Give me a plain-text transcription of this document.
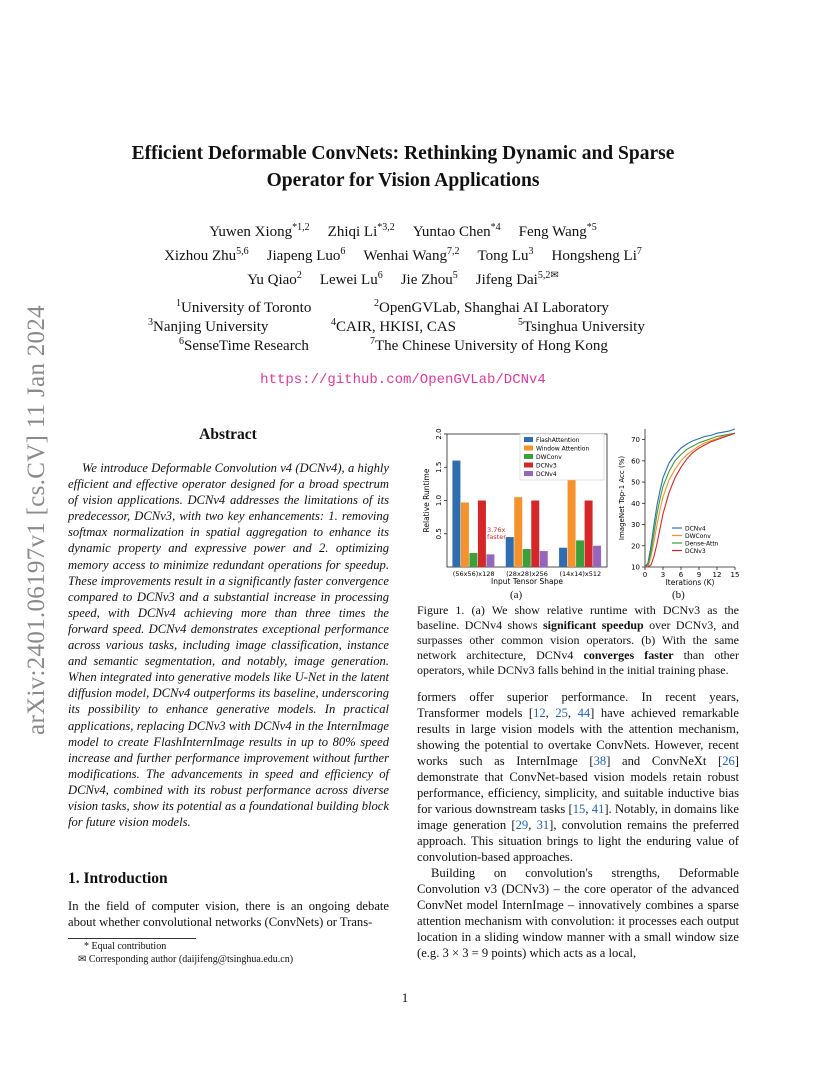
arXiv:2401.06197v1 [cs.CV] 11 Jan 2024
Efficient Deformable ConvNets: Rethinking Dynamic and Sparse
Operator for Vision Applications
Yuwen Xiong$^{*1,2}$ Zhiqi Li$^{*3,2}$ Yuntao Chen$^{*4}$ Feng Wang$^{*5}$
Xizhou Zhu$^{5,6}$ Jiapeng Luo$^6$ Wenhai Wang$^{7,2}$ Tong Lu$^3$ Hongsheng Li$^7$
Yu Qiao$^2$ Lewei Lu$^6$ Jie Zhou$^5$ Jifeng Dai$^{5,2✉}$
$^1$University of Toronto	$^2$OpenGVLab, Shanghai AI Laboratory
$^3$Nanjing University	$^4$CAIR, HKISI, CAS	$^5$Tsinghua University
$^6$SenseTime Research	$^7$The Chinese University of Hong Kong
https://github.com/OpenGVLab/DCNv4
Abstract
We introduce Deformable Convolution v4 (DCNv4), a highly efficient and effective operator designed for a broad spectrum of vision applications. DCNv4 addresses the limitations of its predecessor, DCNv3, with two key enhancements: 1. removing softmax normalization in spatial aggregation to enhance its dynamic property and expressive power and 2. optimizing memory access to minimize redundant operations for speedup. These improvements result in a significantly faster convergence compared to DCNv3 and a substantial increase in processing speed, with DCNv4 achieving more than three times the forward speed. DCNv4 demonstrates exceptional performance across various tasks, including image classification, instance and semantic segmentation, and notably, image generation. When integrated into generative models like U-Net in the latent diffusion model, DCNv4 outperforms its baseline, underscoring its possibility to enhance generative models. In practical applications, replacing DCNv3 with DCNv4 in the InternImage model to create FlashInternImage results in up to 80% speed increase and further performance improvement without further modifications. The advancements in speed and efficiency of DCNv4, combined with its robust performance across diverse vision tasks, show its potential as a foundational building block for future vision models.
1. Introduction
In the field of computer vision, there is an ongoing debate about whether convolutional networks (ConvNets) or Trans-
* Equal contribution
✉ Corresponding author (daijifeng@tsinghua.edu.cn)
0.5
1.0
1.5
2.0
Relative Runtime
(56x56)x128 (28x28)x256 (14x14)x512
Input Tensor Shape
3.76x
faster
FlashAttention
Window Attention
DWConv
DCNv3
DCNv4
10
20
30
40
50
60
70
0 3 6 9 12 15
Iterations (K)
ImageNet Top-1 Acc (%)	DCNv4
DWConv
Dense-Attn
DCNv3
(a)	(b)
Figure 1. (a) We show relative runtime with DCNv3 as the baseline. DCNv4 shows significant speedup over DCNv3, and surpasses other common vision operators. (b) With the same network architecture, DCNv4 converges faster than other operators, while DCNv3 falls behind in the initial training phase.

formers offer superior performance. In recent years, Transformer models [12, 25, 44] have achieved remarkable results in large vision models with the attention mechanism, showing the potential to overtake ConvNets. However, recent works such as InternImage [38] and ConvNeXt [26] demonstrate that ConvNet-based vision models retain robust performance, efficiency, simplicity, and suitable inductive bias for various downstream tasks [15, 41]. Notably, in domains like image generation [29, 31], convolution remains the preferred approach. This situation brings to light the enduring value of convolution-based approaches.

Building on convolution's strengths, Deformable Convolution v3 (DCNv3) – the core operator of the advanced ConvNet model InternImage – innovatively combines a sparse attention mechanism with convolution: it processes each output location in a sliding window manner with a small window size (e.g. 3 × 3 = 9 points) which acts as a local,

1
